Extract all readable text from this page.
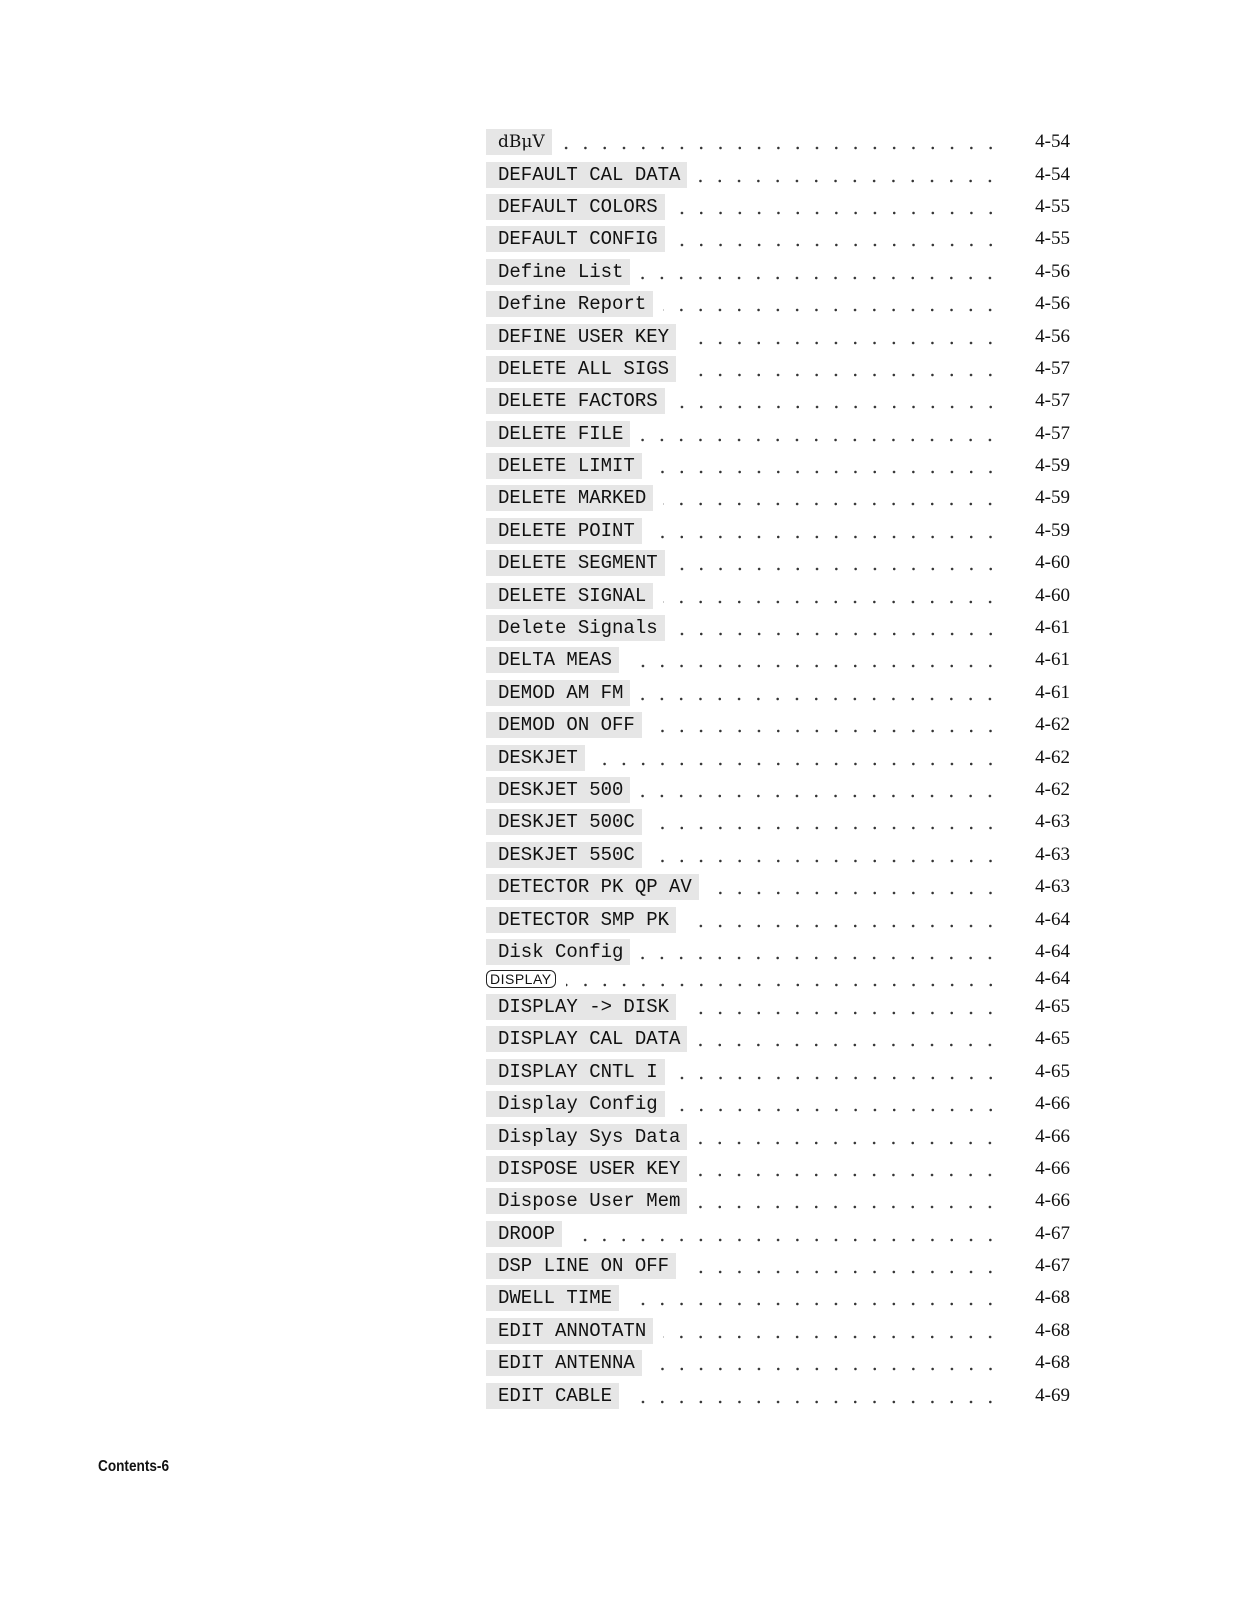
dBμV	4-54
DEFAULT CAL DATA	4-54
DEFAULT COLORS	4-55
DEFAULT CONFIG	4-55
Define List	4-56
Define Report	4-56
DEFINE USER KEY	4-56
DELETE ALL SIGS	4-57
DELETE FACTORS	4-57
DELETE FILE	4-57
DELETE LIMIT	4-59
DELETE MARKED	4-59
DELETE POINT	4-59
DELETE SEGMENT	4-60
DELETE SIGNAL	4-60
Delete Signals	4-61
DELTA MEAS	4-61
DEMOD AM FM	4-61
DEMOD ON OFF	4-62
DESKJET	4-62
DESKJET 500	4-62
DESKJET 500C	4-63
DESKJET 550C	4-63
DETECTOR PK QP AV	4-63
DETECTOR SMP PK	4-64
Disk Config	4-64
DISPLAY	4-64
DISPLAY -> DISK	4-65
DISPLAY CAL DATA	4-65
DISPLAY CNTL I	4-65
Display Config	4-66
Display Sys Data	4-66
DISPOSE USER KEY	4-66
Dispose User Mem	4-66
DROOP	4-67
DSP LINE ON OFF	4-67
DWELL TIME	4-68
EDIT ANNOTATN	4-68
EDIT ANTENNA	4-68
EDIT CABLE	4-69
Contents-6
